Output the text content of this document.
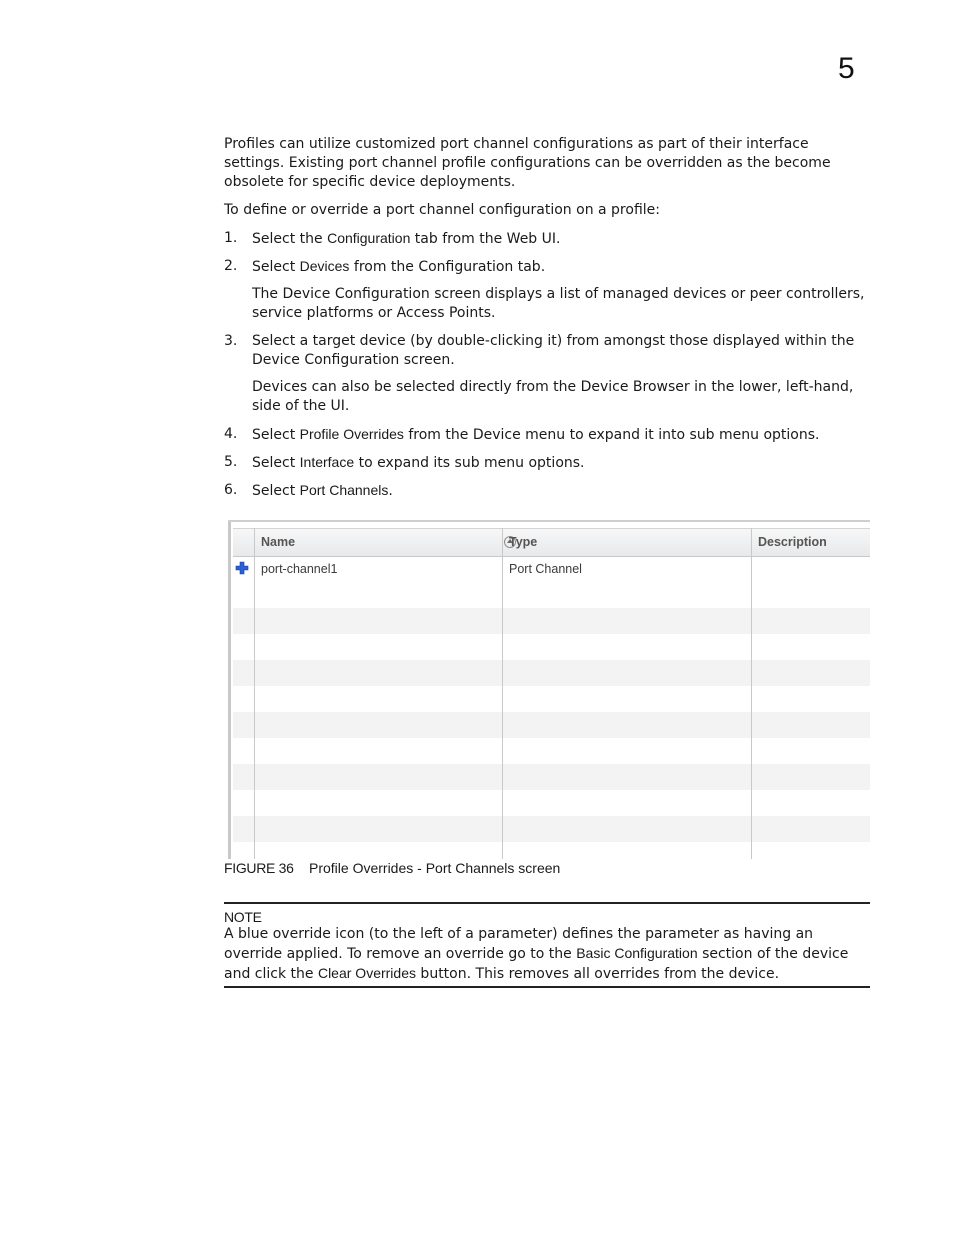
5

Profiles can utilize customized port channel configurations as part of their interface settings. Existing port channel profile configurations can be overridden as the become obsolete for specific device deployments.

To define or override a port channel configuration on a profile:

1.	Select the Configuration tab from the Web UI.
2.	Select Devices from the Configuration tab.
The Device Configuration screen displays a list of managed devices or peer controllers, service platforms or Access Points.
3.	Select a target device (by double-clicking it) from amongst those displayed within the Device Configuration screen.
Devices can also be selected directly from the Device Browser in the lower, left-hand, side of the UI.
4.	Select Profile Overrides from the Device menu to expand it into sub menu options.
5.	Select Interface to expand its sub menu options.
6.	Select Port Channels.
Name	Type	Description
port-channel1	Port Channel
FIGURE 36 Profile Overrides - Port Channels screen
NOTE
A blue override icon (to the left of a parameter) defines the parameter as having an override applied. To remove an override go to the Basic Configuration section of the device and click the Clear Overrides button. This removes all overrides from the device.
